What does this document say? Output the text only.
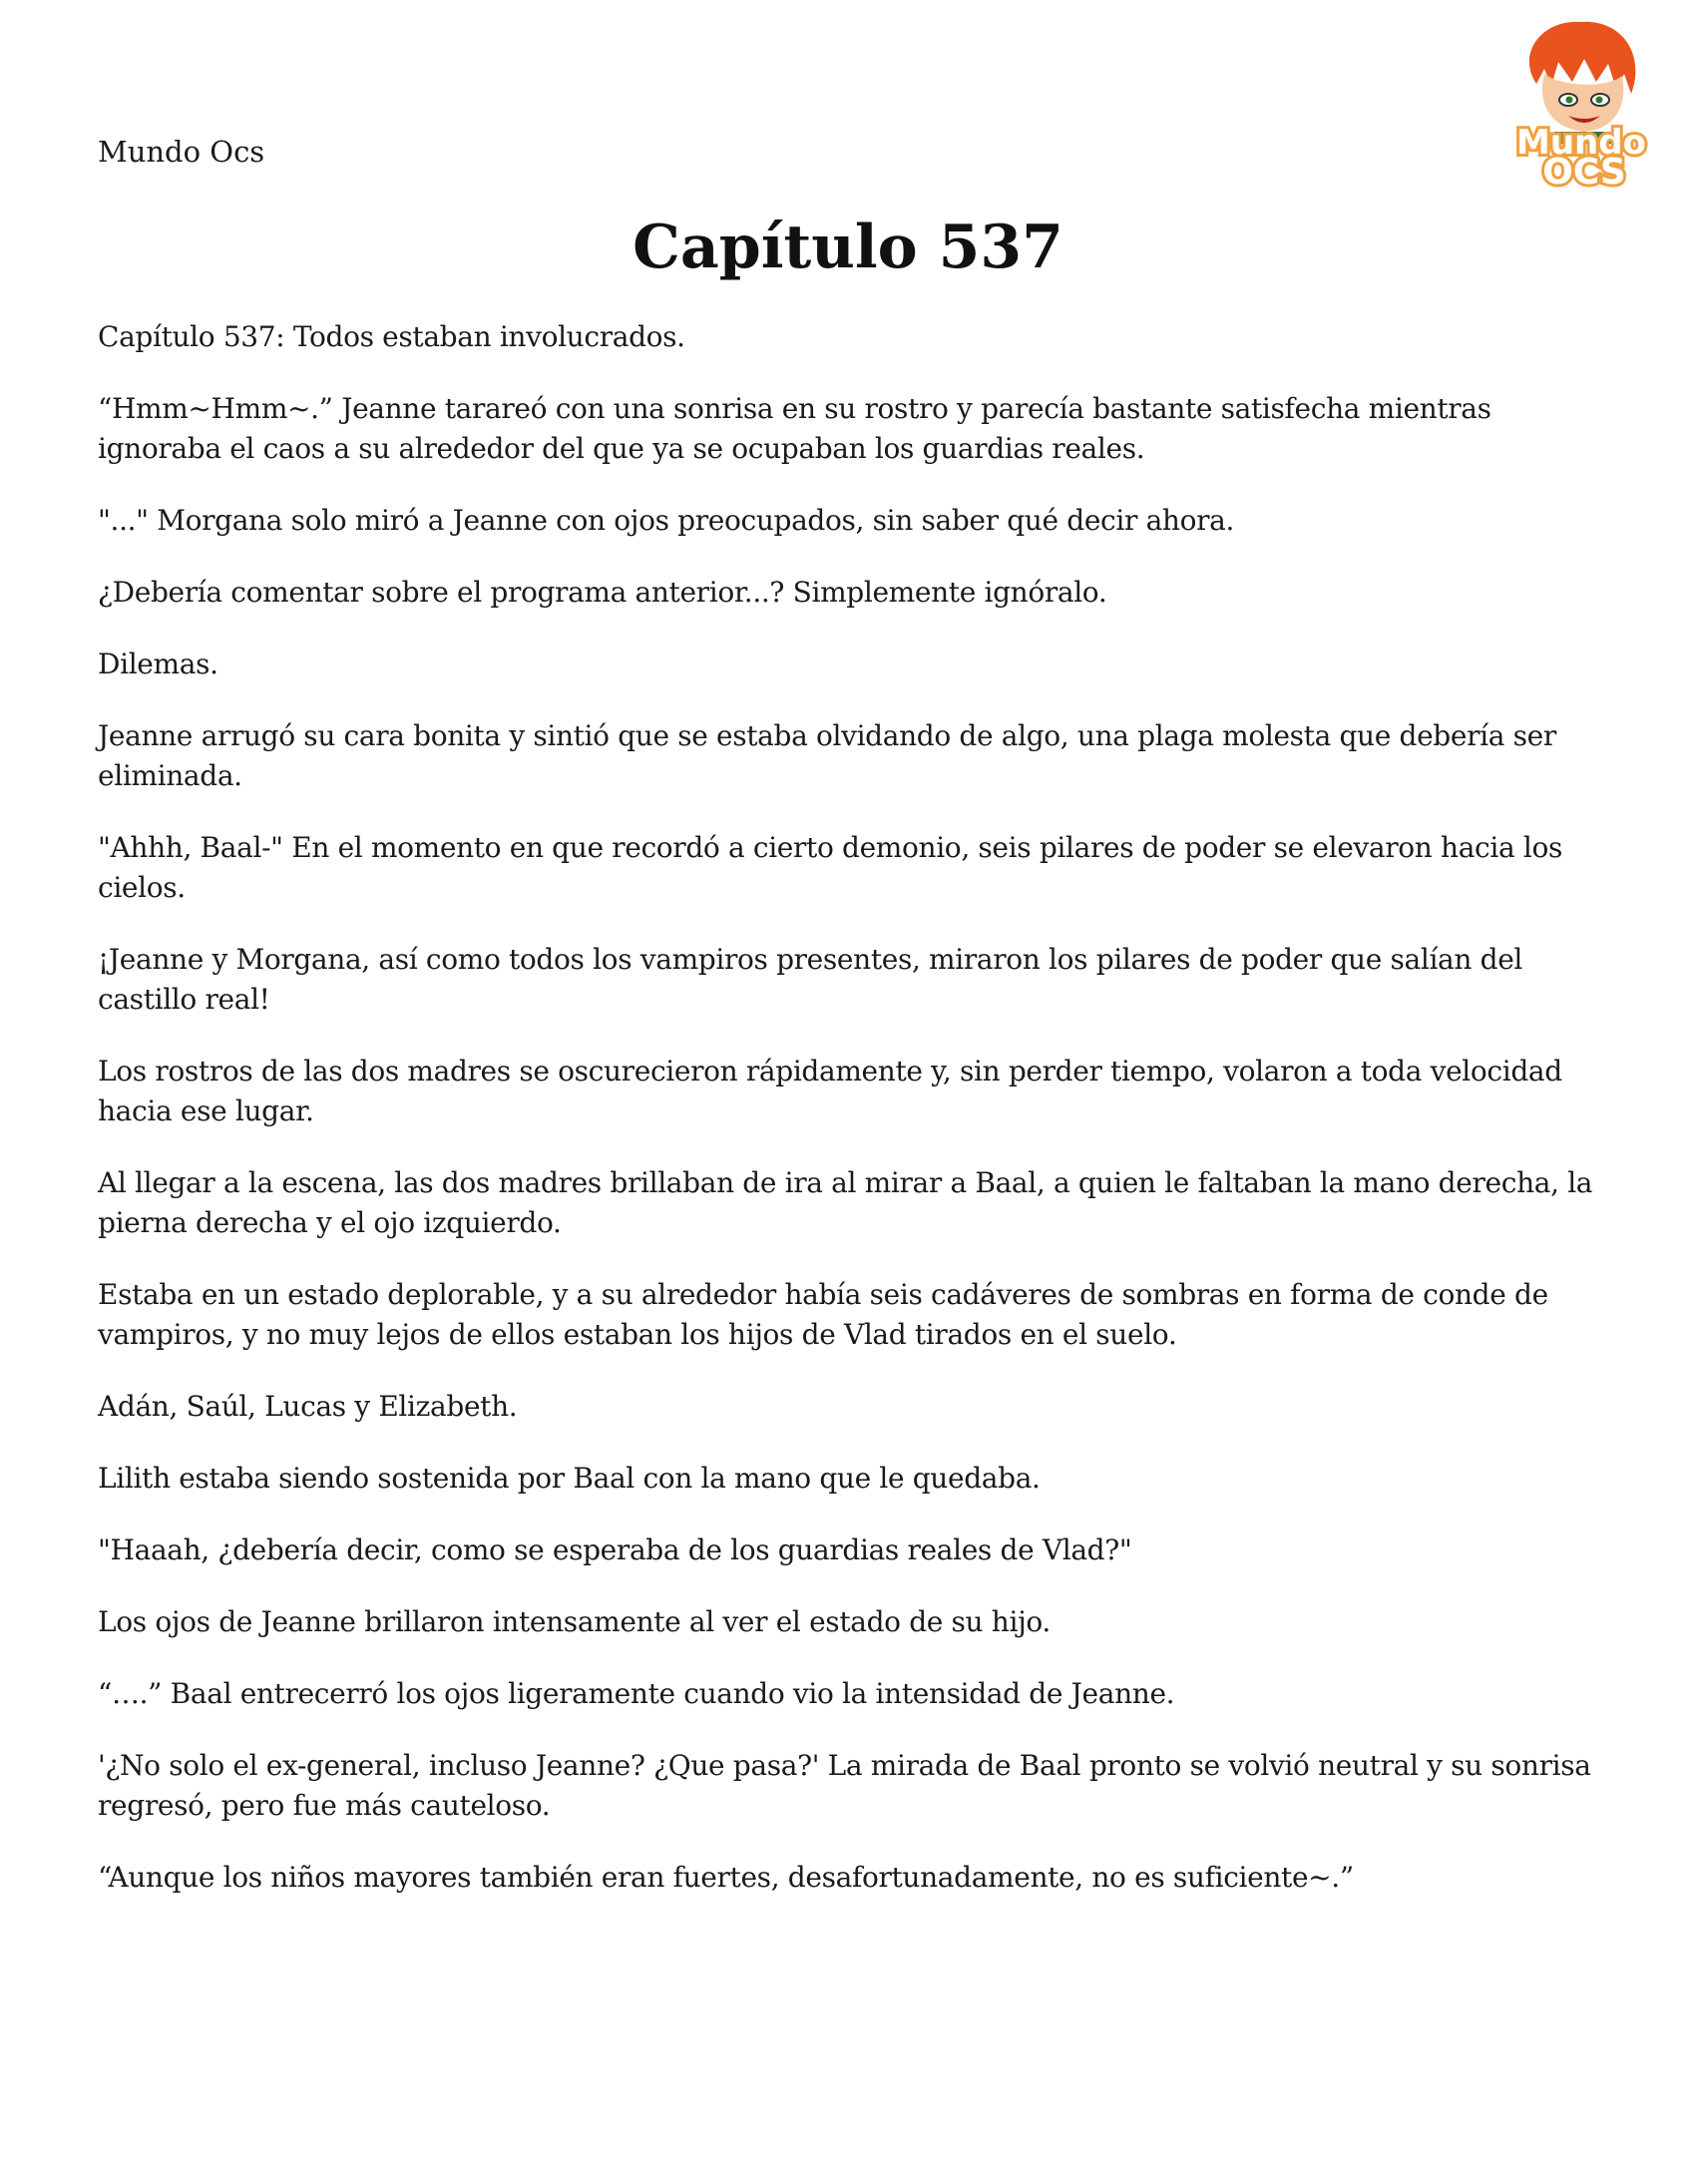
Mundo Ocs	Mundo
OCS
Capítulo 537

Capítulo 537: Todos estaban involucrados.

“Hmm~Hmm~.” Jeanne tarareó con una sonrisa en su rostro y parecía bastante satisfecha mientras ignoraba el caos a su alrededor del que ya se ocupaban los guardias reales.

"..." Morgana solo miró a Jeanne con ojos preocupados, sin saber qué decir ahora.

¿Debería comentar sobre el programa anterior...? Simplemente ignóralo.

Dilemas.

Jeanne arrugó su cara bonita y sintió que se estaba olvidando de algo, una plaga molesta que debería ser eliminada.

"Ahhh, Baal-" En el momento en que recordó a cierto demonio, seis pilares de poder se elevaron hacia los cielos.

¡Jeanne y Morgana, así como todos los vampiros presentes, miraron los pilares de poder que salían del castillo real!

Los rostros de las dos madres se oscurecieron rápidamente y, sin perder tiempo, volaron a toda velocidad hacia ese lugar.

Al llegar a la escena, las dos madres brillaban de ira al mirar a Baal, a quien le faltaban la mano derecha, la pierna derecha y el ojo izquierdo.

Estaba en un estado deplorable, y a su alrededor había seis cadáveres de sombras en forma de conde de vampiros, y no muy lejos de ellos estaban los hijos de Vlad tirados en el suelo.

Adán, Saúl, Lucas y Elizabeth.

Lilith estaba siendo sostenida por Baal con la mano que le quedaba.

"Haaah, ¿debería decir, como se esperaba de los guardias reales de Vlad?"

Los ojos de Jeanne brillaron intensamente al ver el estado de su hijo.

“….” Baal entrecerró los ojos ligeramente cuando vio la intensidad de Jeanne.

'¿No solo el ex-general, incluso Jeanne? ¿Que pasa?' La mirada de Baal pronto se volvió neutral y su sonrisa regresó, pero fue más cauteloso.

“Aunque los niños mayores también eran fuertes, desafortunadamente, no es suficiente~.”
